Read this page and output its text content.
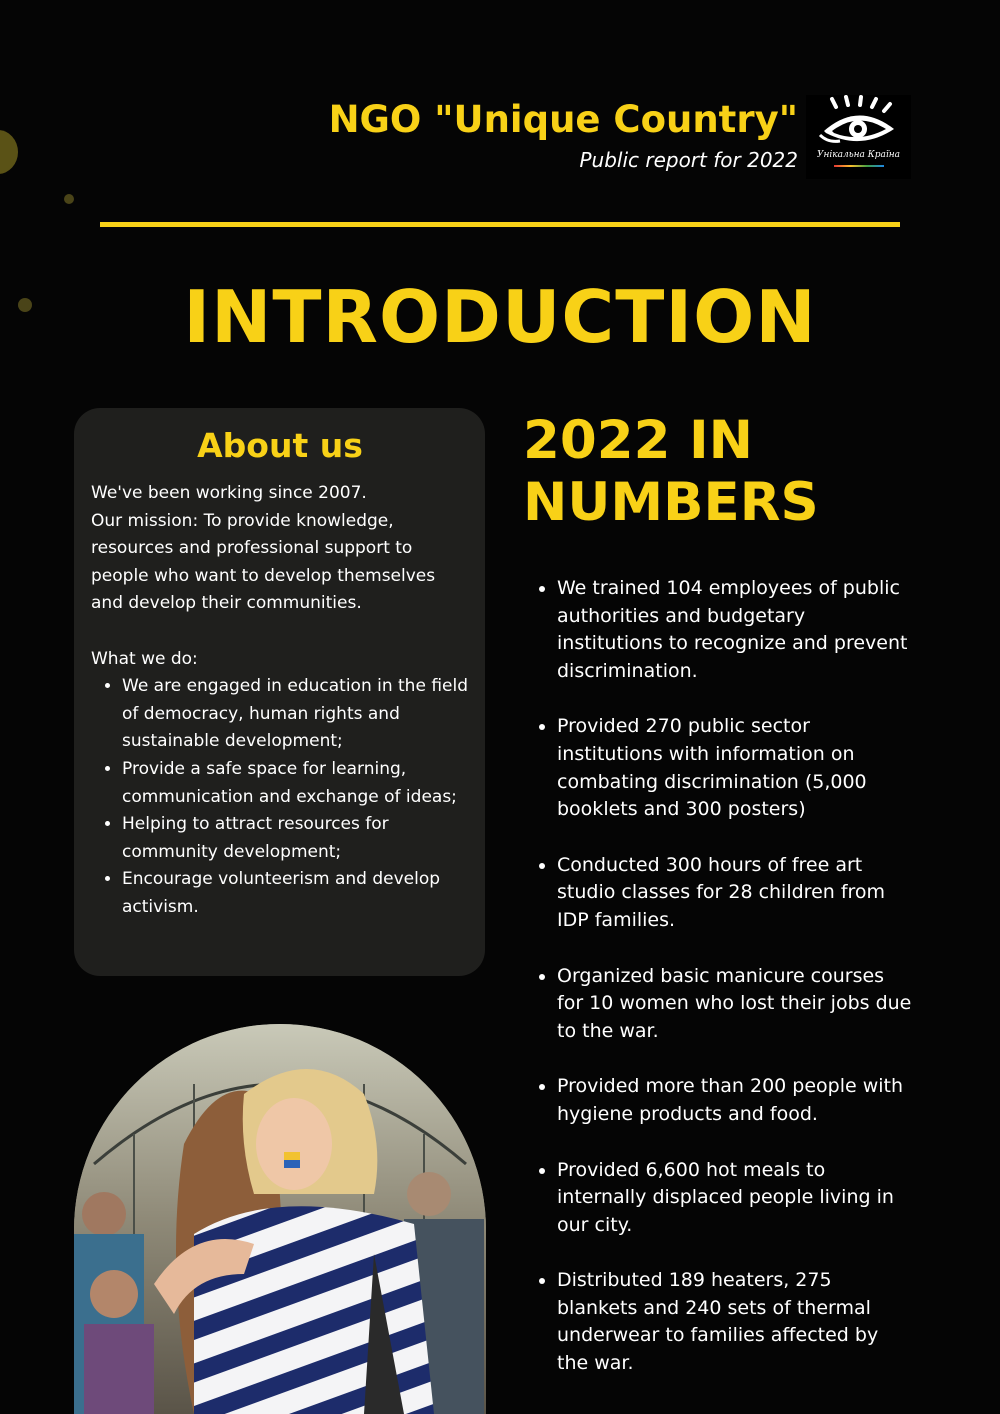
NGO "Unique Country"
Public report for 2022	Унікальна Країна
INTRODUCTION
About us
We've been working since 2007.
Our mission: To provide knowledge, resources and professional support to people who want to develop themselves and develop their communities.
What we do:
• We are engaged in education in the field of democracy, human rights and sustainable development;
• Provide a safe space for learning, communication and exchange of ideas;
• Helping to attract resources for community development;
• Encourage volunteerism and develop activism.
2022 IN
NUMBERS
• We trained 104 employees of public authorities and budgetary institutions to recognize and prevent discrimination.
• Provided 270 public sector institutions with information on combating discrimination (5,000 booklets and 300 posters)
• Conducted 300 hours of free art studio classes for 28 children from IDP families.
• Organized basic manicure courses for 10 women who lost their jobs due to the war.
• Provided more than 200 people with hygiene products and food.
• Provided 6,600 hot meals to internally displaced people living in our city.
• Distributed 189 heaters, 275 blankets and 240 sets of thermal underwear to families affected by the war.
